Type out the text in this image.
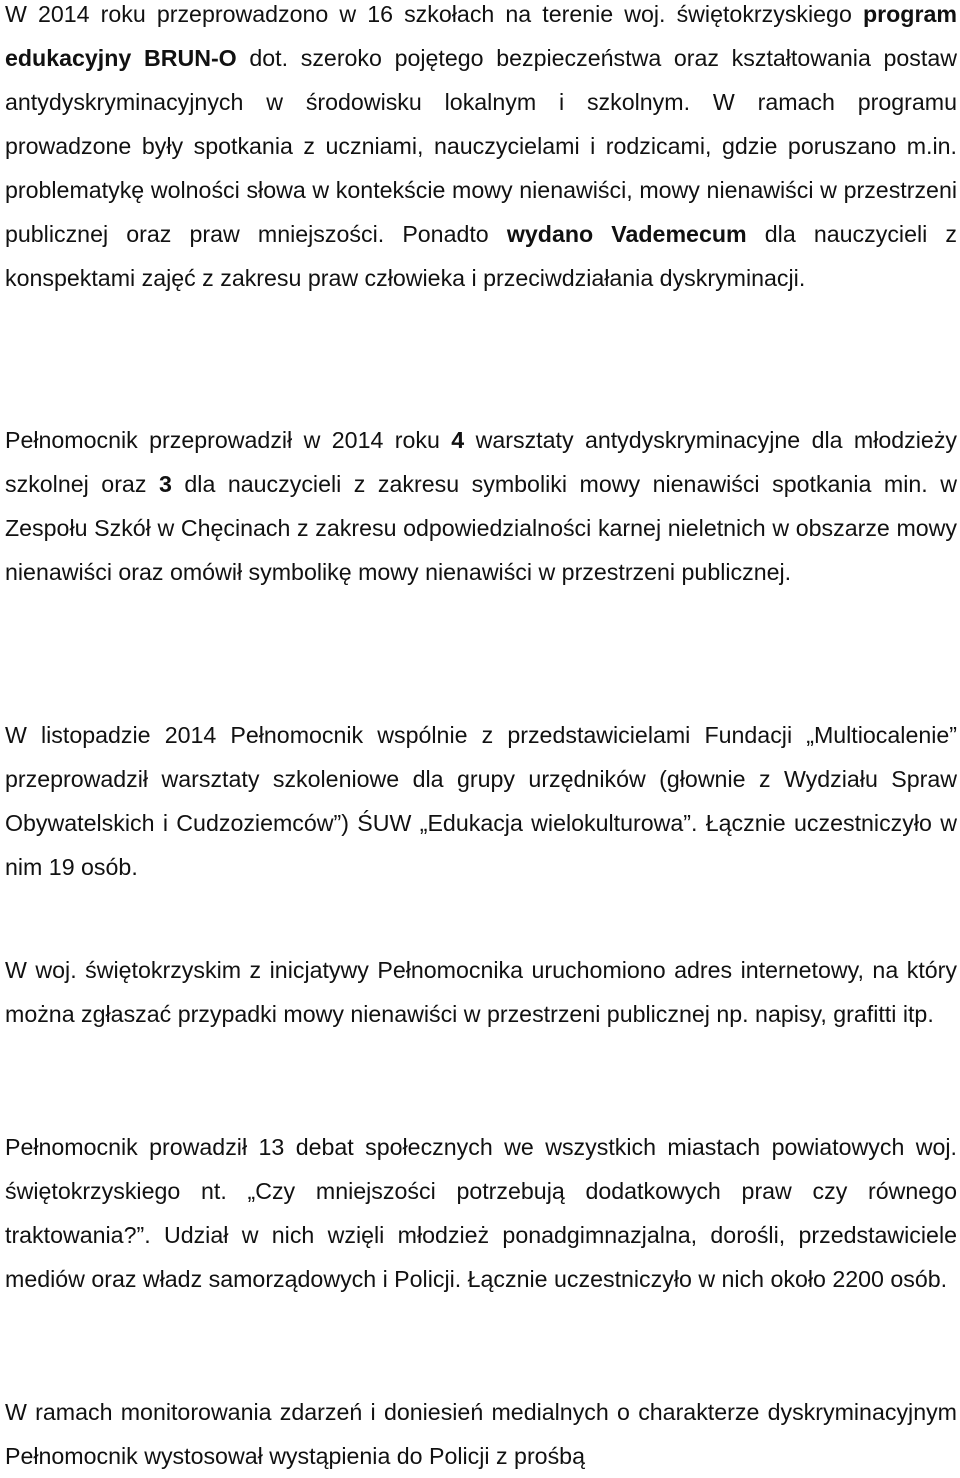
W 2014 roku przeprowadzono w 16 szkołach na terenie woj. świętokrzyskiego program edukacyjny BRUN-O dot. szeroko pojętego bezpieczeństwa oraz kształtowania postaw antydyskryminacyjnych w środowisku lokalnym i szkolnym. W ramach programu prowadzone były spotkania z uczniami, nauczycielami i rodzicami, gdzie poruszano m.in. problematykę wolności słowa w kontekście mowy nienawiści, mowy nienawiści w przestrzeni publicznej oraz praw mniejszości. Ponadto wydano Vademecum dla nauczycieli z konspektami zajęć z zakresu praw człowieka i przeciwdziałania dyskryminacji.

Pełnomocnik przeprowadził w 2014 roku 4 warsztaty antydyskryminacyjne dla młodzieży szkolnej oraz 3 dla nauczycieli z zakresu symboliki mowy nienawiści spotkania min. w Zespołu Szkół w Chęcinach z zakresu odpowiedzialności karnej nieletnich w obszarze mowy nienawiści oraz omówił symbolikę mowy nienawiści w przestrzeni publicznej.

W listopadzie 2014 Pełnomocnik wspólnie z przedstawicielami Fundacji „Multiocalenie” przeprowadził warsztaty szkoleniowe dla grupy urzędników (głownie z Wydziału Spraw Obywatelskich i Cudzoziemców”) ŚUW „Edukacja wielokulturowa”. Łącznie uczestniczyło w nim 19 osób.

W woj. świętokrzyskim z inicjatywy Pełnomocnika uruchomiono adres internetowy, na który można zgłaszać przypadki mowy nienawiści w przestrzeni publicznej np. napisy, grafitti itp.

Pełnomocnik prowadził 13 debat społecznych we wszystkich miastach powiatowych woj. świętokrzyskiego nt. „Czy mniejszości potrzebują dodatkowych praw czy równego traktowania?”. Udział w nich wzięli młodzież ponadgimnazjalna, dorośli, przedstawiciele mediów oraz władz samorządowych i Policji. Łącznie uczestniczyło w nich około 2200 osób.

W ramach monitorowania zdarzeń i doniesień medialnych o charakterze dyskryminacyjnym Pełnomocnik wystosował wystąpienia do Policji z prośbą
